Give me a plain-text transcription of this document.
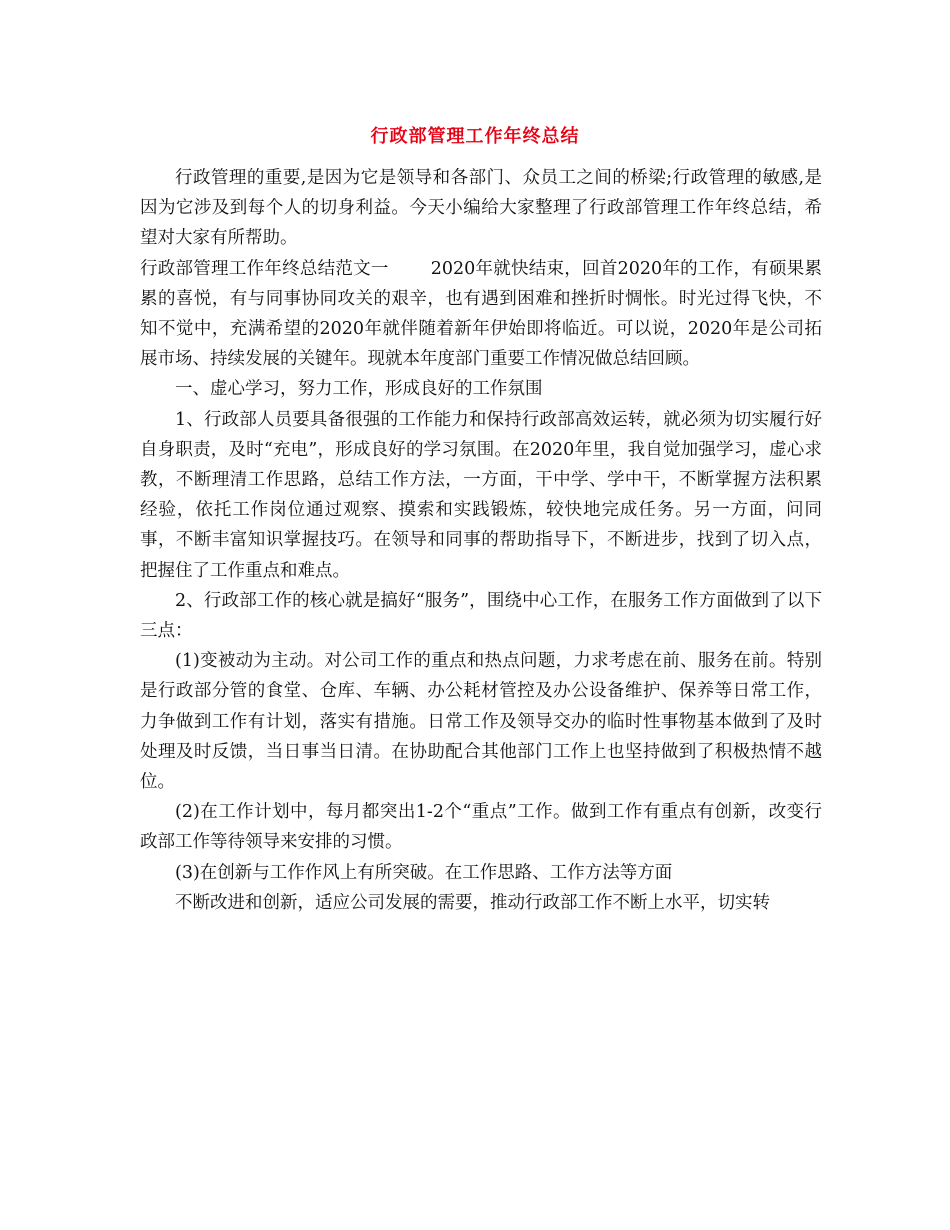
行政部管理工作年终总结

行政管理的重要,是因为它是领导和各部门、众员工之间的桥梁;行政管理的敏感,是因为它涉及到每个人的切身利益。今天小编给大家整理了行政部管理工作年终总结，希望对大家有所帮助。

行政部管理工作年终总结范文一 2020年就快结束，回首2020年的工作，有硕果累累的喜悦，有与同事协同攻关的艰辛，也有遇到困难和挫折时惆怅。时光过得飞快，不知不觉中，充满希望的2020年就伴随着新年伊始即将临近。可以说，2020年是公司拓展市场、持续发展的关键年。现就本年度部门重要工作情况做总结回顾。

一、虚心学习，努力工作，形成良好的工作氛围

1、行政部人员要具备很强的工作能力和保持行政部高效运转，就必须为切实履行好自身职责，及时“充电”，形成良好的学习氛围。在2020年里，我自觉加强学习，虚心求教，不断理清工作思路，总结工作方法，一方面，干中学、学中干，不断掌握方法积累经验，依托工作岗位通过观察、摸索和实践锻炼，较快地完成任务。另一方面，问同事，不断丰富知识掌握技巧。在领导和同事的帮助指导下，不断进步，找到了切入点，把握住了工作重点和难点。

2、行政部工作的核心就是搞好“服务”，围绕中心工作，在服务工作方面做到了以下三点：

(1)变被动为主动。对公司工作的重点和热点问题，力求考虑在前、服务在前。特别是行政部分管的食堂、仓库、车辆、办公耗材管控及办公设备维护、保养等日常工作，力争做到工作有计划，落实有措施。日常工作及领导交办的临时性事物基本做到了及时处理及时反馈，当日事当日清。在协助配合其他部门工作上也坚持做到了积极热情不越位。

(2)在工作计划中，每月都突出1-2个“重点”工作。做到工作有重点有创新，改变行政部工作等待领导来安排的习惯。

(3)在创新与工作作风上有所突破。在工作思路、工作方法等方面

不断改进和创新，适应公司发展的需要，推动行政部工作不断上水平，切实转
